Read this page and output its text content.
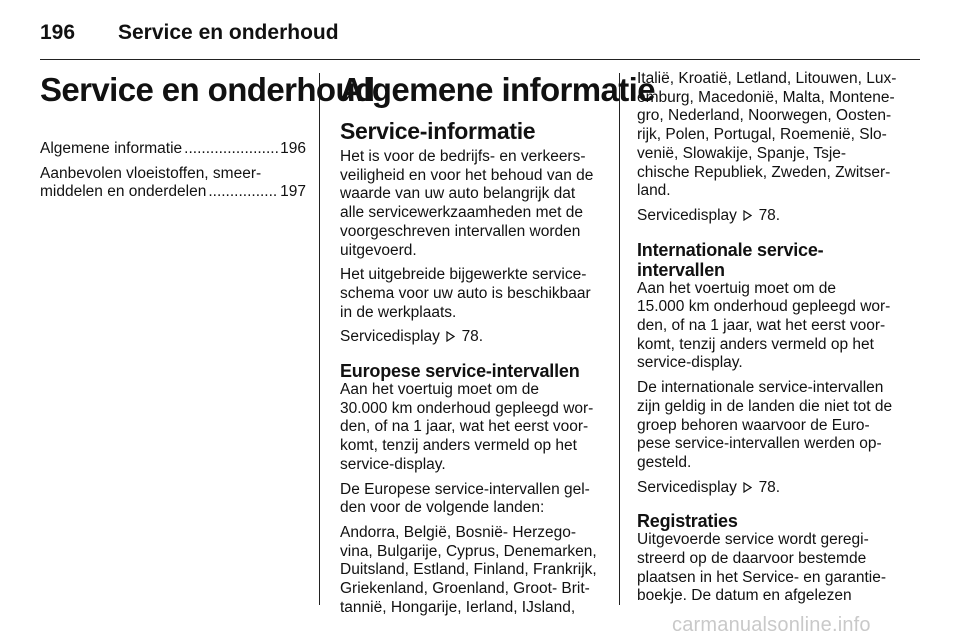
196	Service en onderhoud
Service en onderhoud
Algemene informatie .....	196
Aanbevolen vloeistoffen, smeer-
middelen en onderdelen .....	197
Algemene informatie
Service-informatie

Het is voor de bedrijfs- en verkeers-
veiligheid en voor het behoud van de
waarde van uw auto belangrijk dat
alle servicewerkzaamheden met de
voorgeschreven intervallen worden
uitgevoerd.

Het uitgebreide bijgewerkte service-
schema voor uw auto is beschikbaar
in de werkplaats.

Servicedisplay 78.

Europese service-intervallen

Aan het voertuig moet om de
30.000 km onderhoud gepleegd wor-
den, of na 1 jaar, wat het eerst voor-
komt, tenzij anders vermeld op het
service-display.

De Europese service-intervallen gel-
den voor de volgende landen:

Andorra, België, Bosnië- Herzego-
vina, Bulgarije, Cyprus, Denemarken,
Duitsland, Estland, Finland, Frankrijk,
Griekenland, Groenland, Groot- Brit-
tannië, Hongarije, Ierland, IJsland,

Italië, Kroatië, Letland, Litouwen, Lux-
emburg, Macedonië, Malta, Montene-
gro, Nederland, Noorwegen, Oosten-
rijk, Polen, Portugal, Roemenië, Slo-
venië, Slowakije, Spanje, Tsje-
chische Republiek, Zweden, Zwitser-
land.

Servicedisplay 78.

Internationale service-
intervallen

Aan het voertuig moet om de
15.000 km onderhoud gepleegd wor-
den, of na 1 jaar, wat het eerst voor-
komt, tenzij anders vermeld op het
service-display.

De internationale service-intervallen
zijn geldig in de landen die niet tot de
groep behoren waarvoor de Euro-
pese service-intervallen werden op-
gesteld.

Servicedisplay 78.

Registraties

Uitgevoerde service wordt geregi-
streerd op de daarvoor bestemde
plaatsen in het Service- en garantie-
boekje. De datum en afgelezen

carmanualsonline.info
